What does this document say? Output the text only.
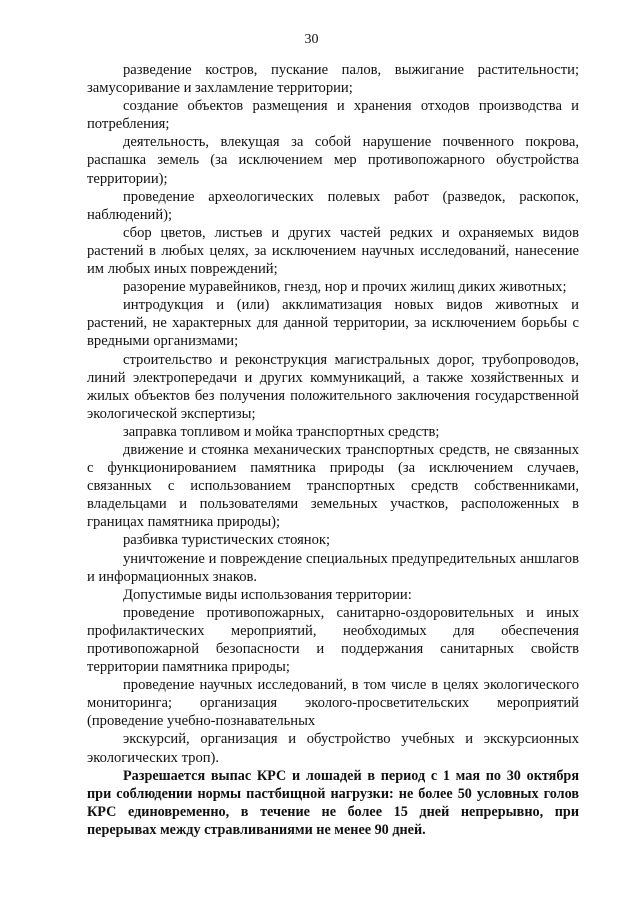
30

разведение костров, пускание палов, выжигание растительности; замусоривание и захламление территории;

создание объектов размещения и хранения отходов производства и потребления;

деятельность, влекущая за собой нарушение почвенного покрова, распашка земель (за исключением мер противопожарного обустройства территории);

проведение археологических полевых работ (разведок, раскопок, наблюдений);

сбор цветов, листьев и других частей редких и охраняемых видов растений в любых целях, за исключением научных исследований, нанесение им любых иных повреждений;

разорение муравейников, гнезд, нор и прочих жилищ диких животных;

интродукция и (или) акклиматизация новых видов животных и растений, не характерных для данной территории, за исключением борьбы с вредными организмами;

строительство и реконструкция магистральных дорог, трубопроводов, линий электропередачи и других коммуникаций, а также хозяйственных и жилых объектов без получения положительного заключения государственной экологической экспертизы;

заправка топливом и мойка транспортных средств;

движение и стоянка механических транспортных средств, не связанных с функционированием памятника природы (за исключением случаев, связанных с использованием транспортных средств собственниками, владельцами и пользователями земельных участков, расположенных в границах памятника природы);

разбивка туристических стоянок;

уничтожение и повреждение специальных предупредительных аншлагов и информационных знаков.

Допустимые виды использования территории:

проведение противопожарных, санитарно-оздоровительных и иных профилактических мероприятий, необходимых для обеспечения противопожарной безопасности и поддержания санитарных свойств территории памятника природы;

проведение научных исследований, в том числе в целях экологического мониторинга; организация эколого-просветительских мероприятий (проведение учебно-познавательных

экскурсий, организация и обустройство учебных и экскурсионных экологических троп).

Разрешается выпас КРС и лошадей в период с 1 мая по 30 октября при соблюдении нормы пастбищной нагрузки: не более 50 условных голов КРС единовременно, в течение не более 15 дней непрерывно, при перерывах между стравливаниями не менее 90 дней.
